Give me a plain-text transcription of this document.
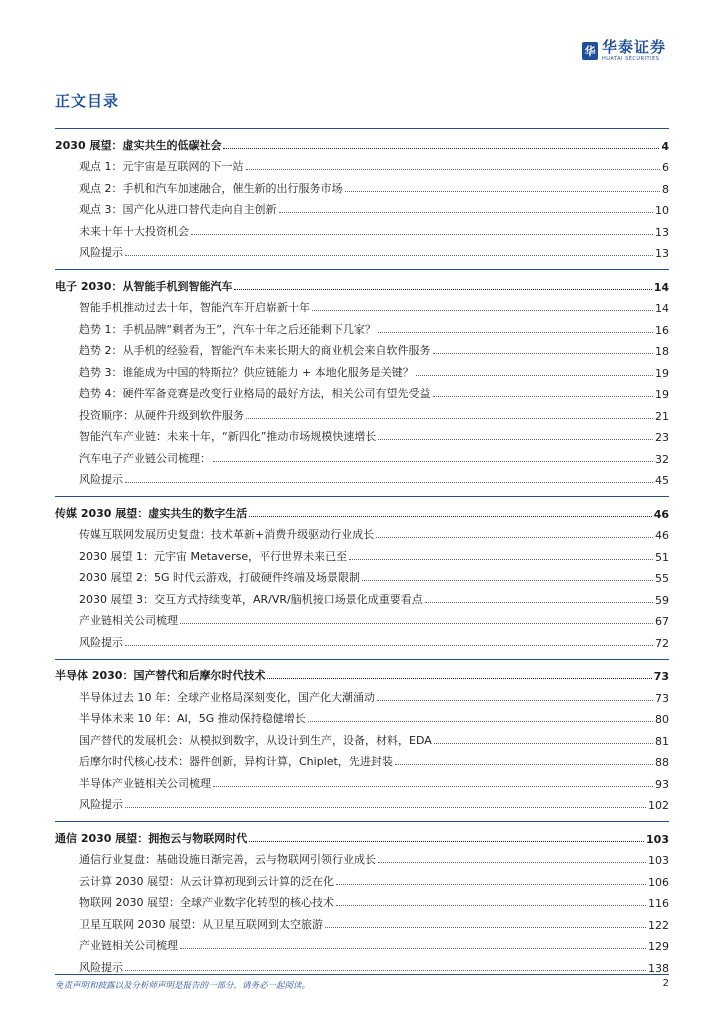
华 华泰证券
HUATAI SECURITIES
正文目录
2030 展望：虚实共生的低碳社会	4
观点 1：元宇宙是互联网的下一站	6
观点 2：手机和汽车加速融合，催生新的出行服务市场	8
观点 3：国产化从进口替代走向自主创新	10
未来十年十大投资机会	13
风险提示	13
电子 2030：从智能手机到智能汽车	14
智能手机推动过去十年，智能汽车开启崭新十年	14
趋势 1：手机品牌“剩者为王”，汽车十年之后还能剩下几家？	16
趋势 2：从手机的经验看，智能汽车未来长期大的商业机会来自软件服务	18
趋势 3：谁能成为中国的特斯拉？供应链能力 + 本地化服务是关键？	19
趋势 4：硬件军备竞赛是改变行业格局的最好方法，相关公司有望先受益	19
投资顺序：从硬件升级到软件服务	21
智能汽车产业链：未来十年，“新四化”推动市场规模快速增长	23
汽车电子产业链公司梳理：	32
风险提示	45
传媒 2030 展望：虚实共生的数字生活	46
传媒互联网发展历史复盘：技术革新+消费升级驱动行业成长	46
2030 展望 1：元宇宙 Metaverse，平行世界未来已至	51
2030 展望 2：5G 时代云游戏，打破硬件终端及场景限制	55
2030 展望 3：交互方式持续变革，AR/VR/脑机接口场景化成重要看点	59
产业链相关公司梳理	67
风险提示	72
半导体 2030：国产替代和后摩尔时代技术	73
半导体过去 10 年：全球产业格局深刻变化，国产化大潮涌动	73
半导体未来 10 年：AI，5G 推动保持稳健增长	80
国产替代的发展机会：从模拟到数字，从设计到生产，设备，材料，EDA	81
后摩尔时代核心技术：器件创新，异构计算，Chiplet，先进封装	88
半导体产业链相关公司梳理	93
风险提示	102
通信 2030 展望：拥抱云与物联网时代	103
通信行业复盘：基础设施日渐完善，云与物联网引领行业成长	103
云计算 2030 展望：从云计算初现到云计算的泛在化	106
物联网 2030 展望：全球产业数字化转型的核心技术	116
卫星互联网 2030 展望：从卫星互联网到太空旅游	122
产业链相关公司梳理	129
风险提示	138
免责声明和披露以及分析师声明是报告的一部分，请务必一起阅读。	2
